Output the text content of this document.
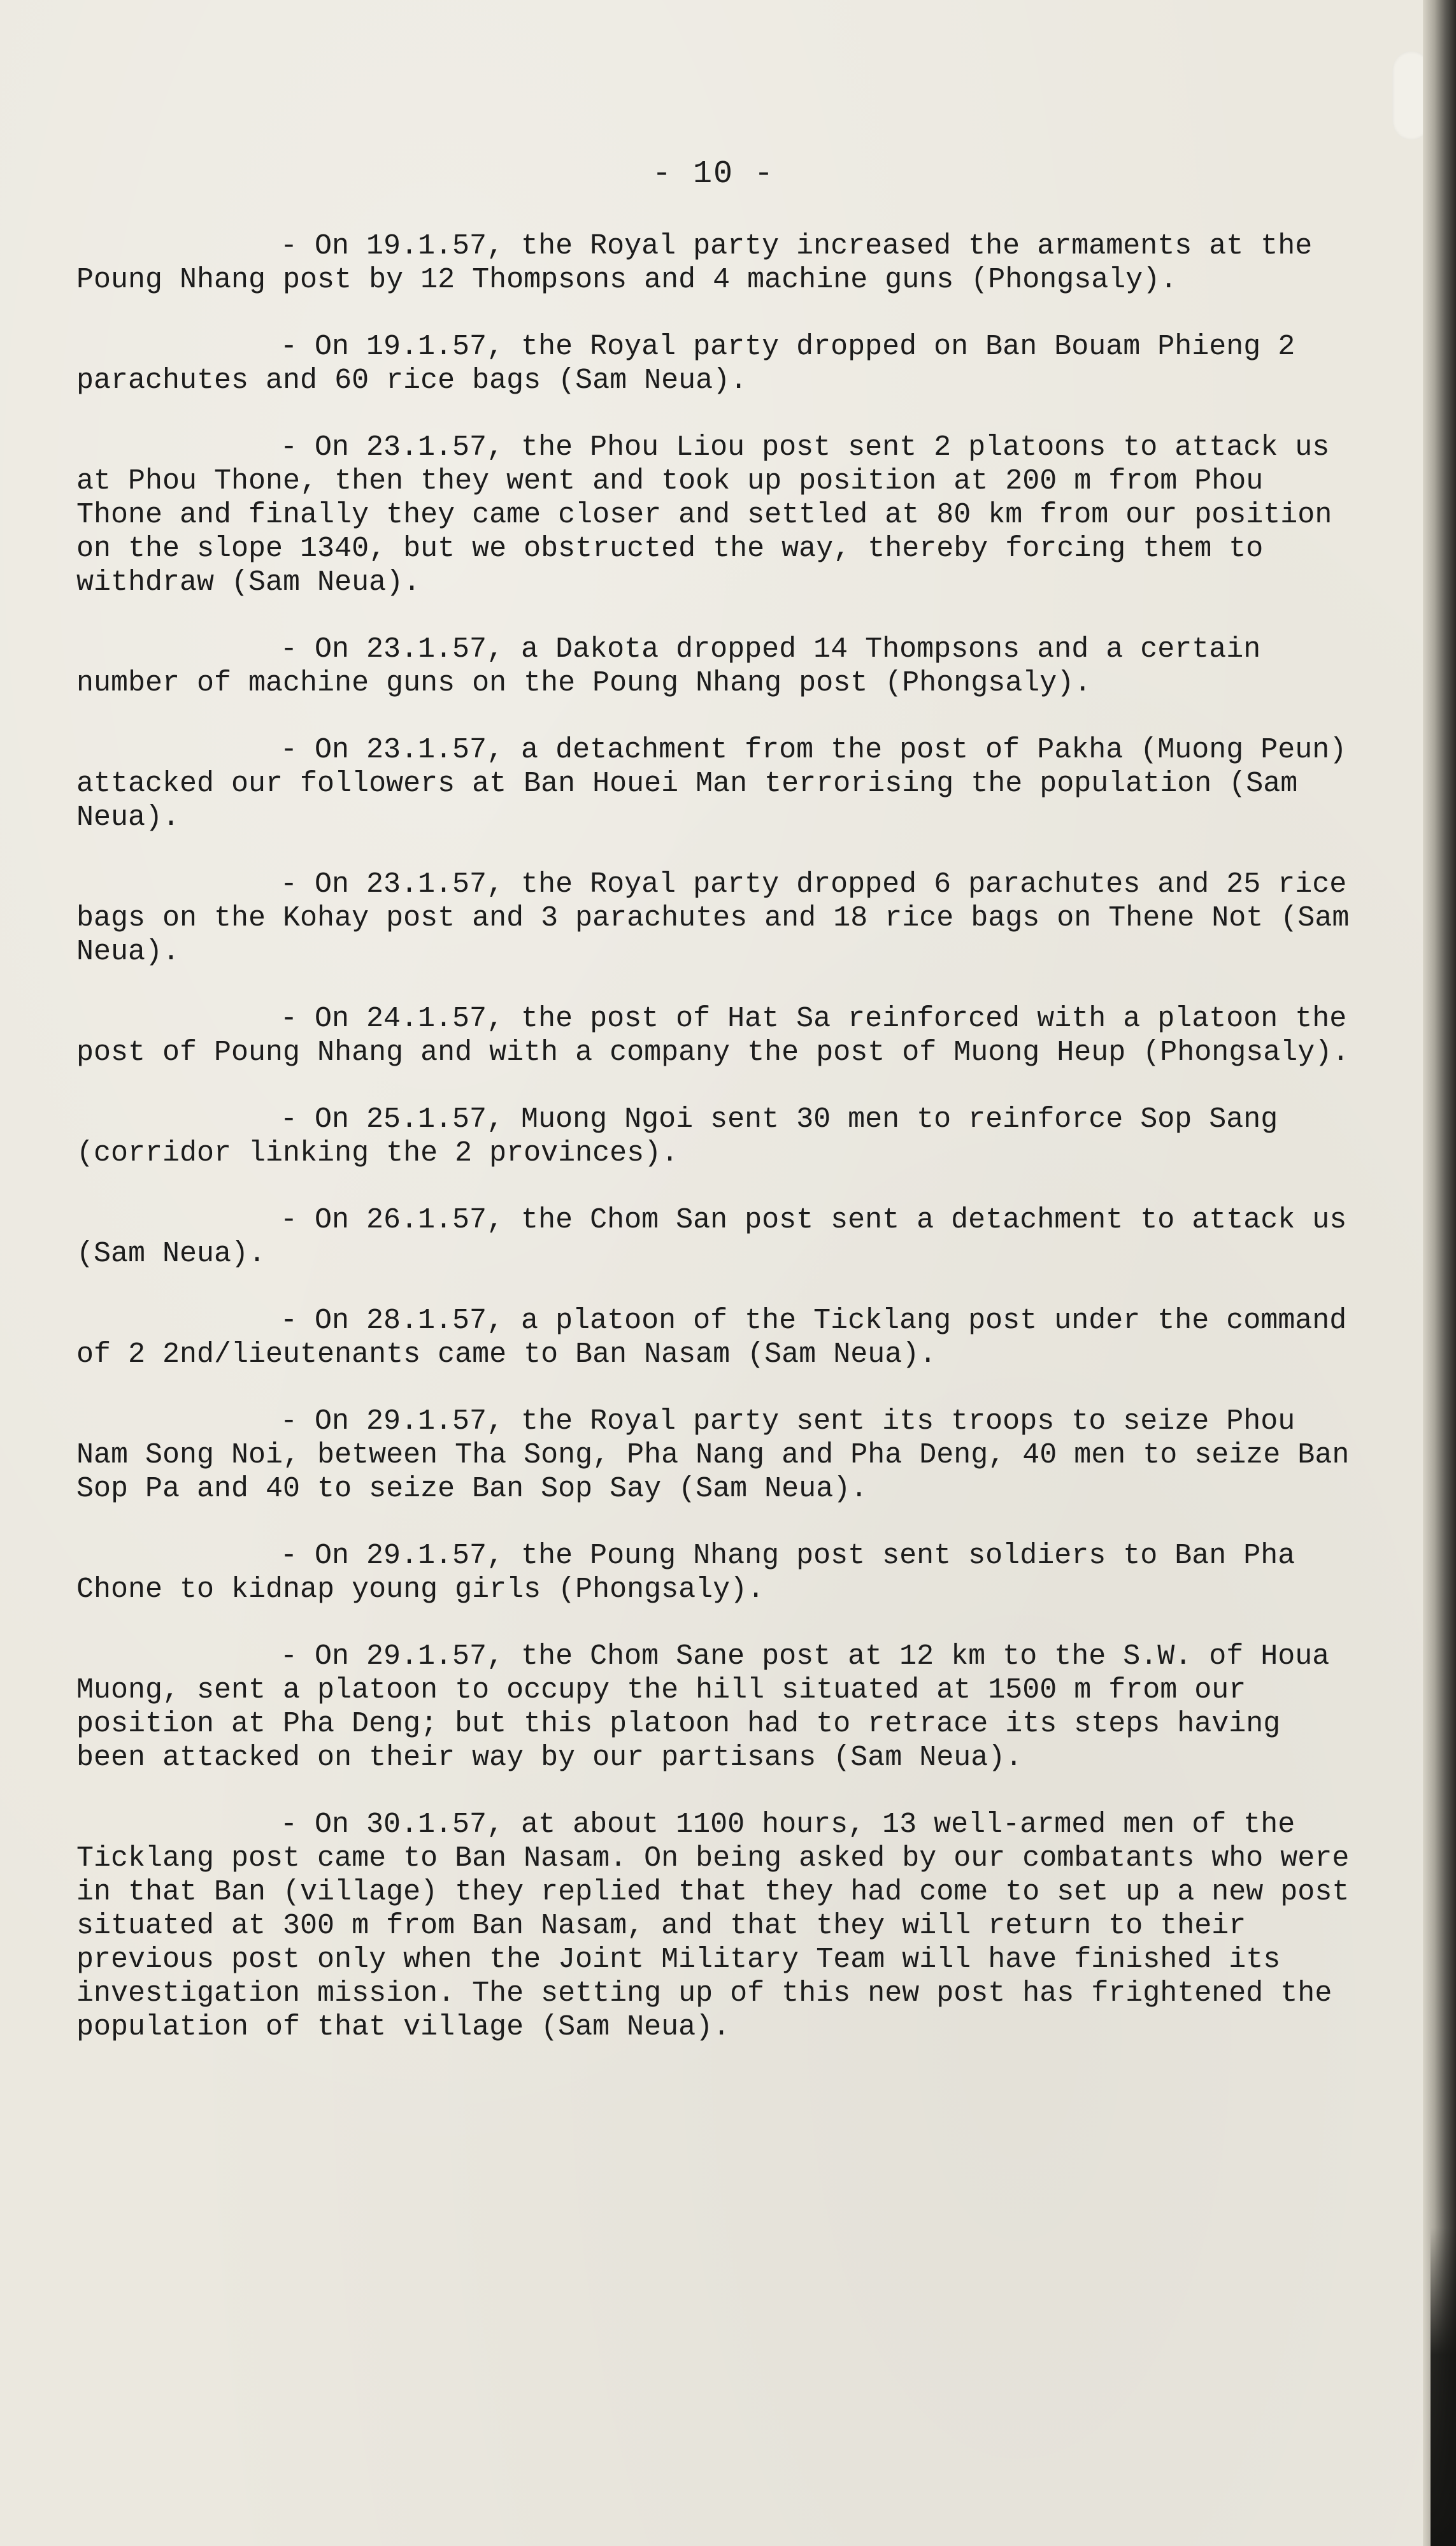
- 10 -

- On 19.1.57, the Royal party increased the armaments at the Poung Nhang post by 12 Thompsons and 4 machine guns (Phongsaly).

- On 19.1.57, the Royal party dropped on Ban Bouam Phieng 2 parachutes and 60 rice bags (Sam Neua).

- On 23.1.57, the Phou Liou post sent 2 platoons to attack us at Phou Thone, then they went and took up position at 200 m from Phou Thone and finally they came closer and settled at 80 km from our position on the slope 1340, but we obstructed the way, thereby forcing them to withdraw (Sam Neua).

- On 23.1.57, a Dakota dropped 14 Thompsons and a certain number of machine guns on the Poung Nhang post (Phongsaly).

- On 23.1.57, a detachment from the post of Pakha (Muong Peun) attacked our followers at Ban Houei Man terrorising the population (Sam Neua).

- On 23.1.57, the Royal party dropped 6 parachutes and 25 rice bags on the Kohay post and 3 parachutes and 18 rice bags on Thene Not (Sam Neua).

- On 24.1.57, the post of Hat Sa reinforced with a platoon the post of Poung Nhang and with a company the post of Muong Heup (Phongsaly).

- On 25.1.57, Muong Ngoi sent 30 men to reinforce Sop Sang (corridor linking the 2 provinces).

- On 26.1.57, the Chom San post sent a detachment to attack us (Sam Neua).

- On 28.1.57, a platoon of the Ticklang post under the command of 2 2nd/lieutenants came to Ban Nasam (Sam Neua).

- On 29.1.57, the Royal party sent its troops to seize Phou Nam Song Noi, between Tha Song, Pha Nang and Pha Deng, 40 men to seize Ban Sop Pa and 40 to seize Ban Sop Say (Sam Neua).

- On 29.1.57, the Poung Nhang post sent soldiers to Ban Pha Chone to kidnap young girls (Phongsaly).

- On 29.1.57, the Chom Sane post at 12 km to the S.W. of Houa Muong, sent a platoon to occupy the hill situated at 1500 m from our position at Pha Deng; but this platoon had to retrace its steps having been attacked on their way by our partisans (Sam Neua).

- On 30.1.57, at about 1100 hours, 13 well-armed men of the Ticklang post came to Ban Nasam. On being asked by our combatants who were in that Ban (village) they replied that they had come to set up a new post situated at 300 m from Ban Nasam, and that they will return to their previous post only when the Joint Military Team will have finished its investigation mission. The setting up of this new post has frightened the population of that village (Sam Neua).
